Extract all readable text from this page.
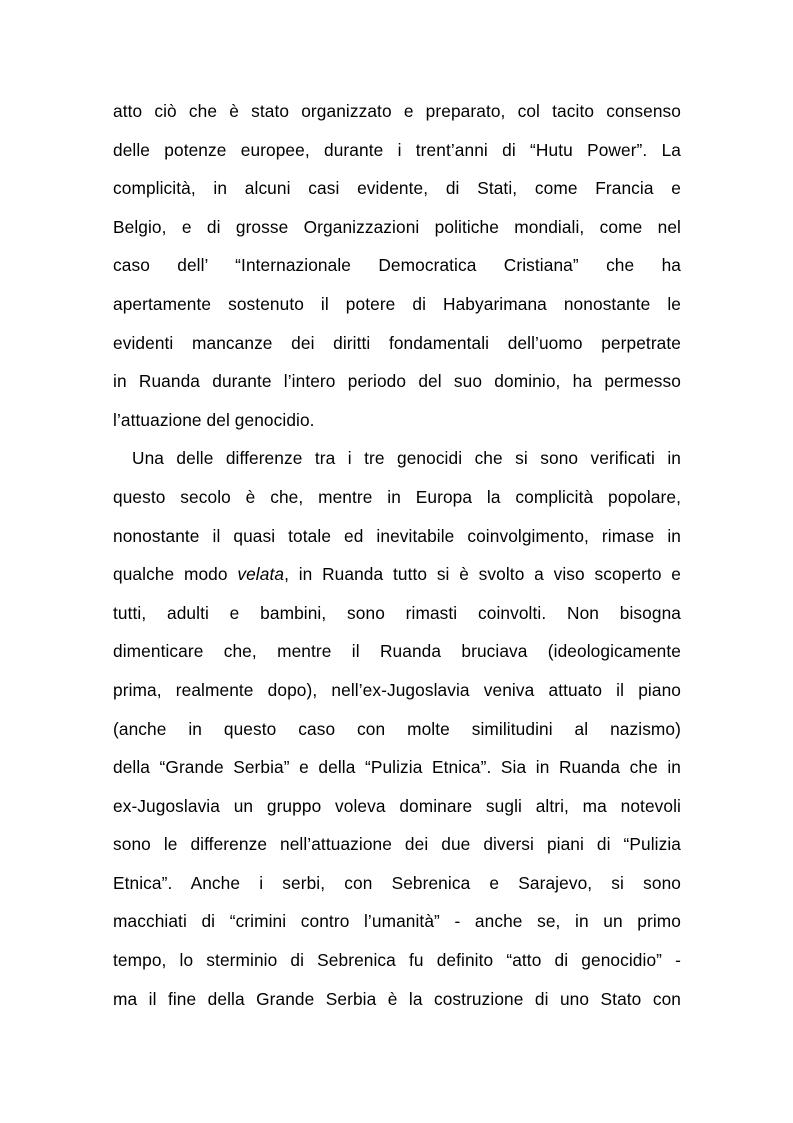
atto ciò che è stato organizzato e preparato, col tacito consenso
delle potenze europee, durante i trent’anni di “Hutu Power”. La
complicità, in alcuni casi evidente, di Stati, come Francia e
Belgio, e di grosse Organizzazioni politiche mondiali, come nel
caso dell’ “Internazionale Democratica Cristiana” che ha
apertamente sostenuto il potere di Habyarimana nonostante le
evidenti mancanze dei diritti fondamentali dell’uomo perpetrate
in Ruanda durante l’intero periodo del suo dominio, ha permesso
l’attuazione del genocidio.
Una delle differenze tra i tre genocidi che si sono verificati in
questo secolo è che, mentre in Europa la complicità popolare,
nonostante il quasi totale ed inevitabile coinvolgimento, rimase in
qualche modo velata, in Ruanda tutto si è svolto a viso scoperto e
tutti, adulti e bambini, sono rimasti coinvolti. Non bisogna
dimenticare che, mentre il Ruanda bruciava (ideologicamente
prima, realmente dopo), nell’ex-Jugoslavia veniva attuato il piano
(anche in questo caso con molte similitudini al nazismo)
della “Grande Serbia” e della “Pulizia Etnica”. Sia in Ruanda che in
ex-Jugoslavia un gruppo voleva dominare sugli altri, ma notevoli
sono le differenze nell’attuazione dei due diversi piani di “Pulizia
Etnica”. Anche i serbi, con Sebrenica e Sarajevo, si sono
macchiati di “crimini contro l’umanità” - anche se, in un primo
tempo, lo sterminio di Sebrenica fu definito “atto di genocidio” -
ma il fine della Grande Serbia è la costruzione di uno Stato con
